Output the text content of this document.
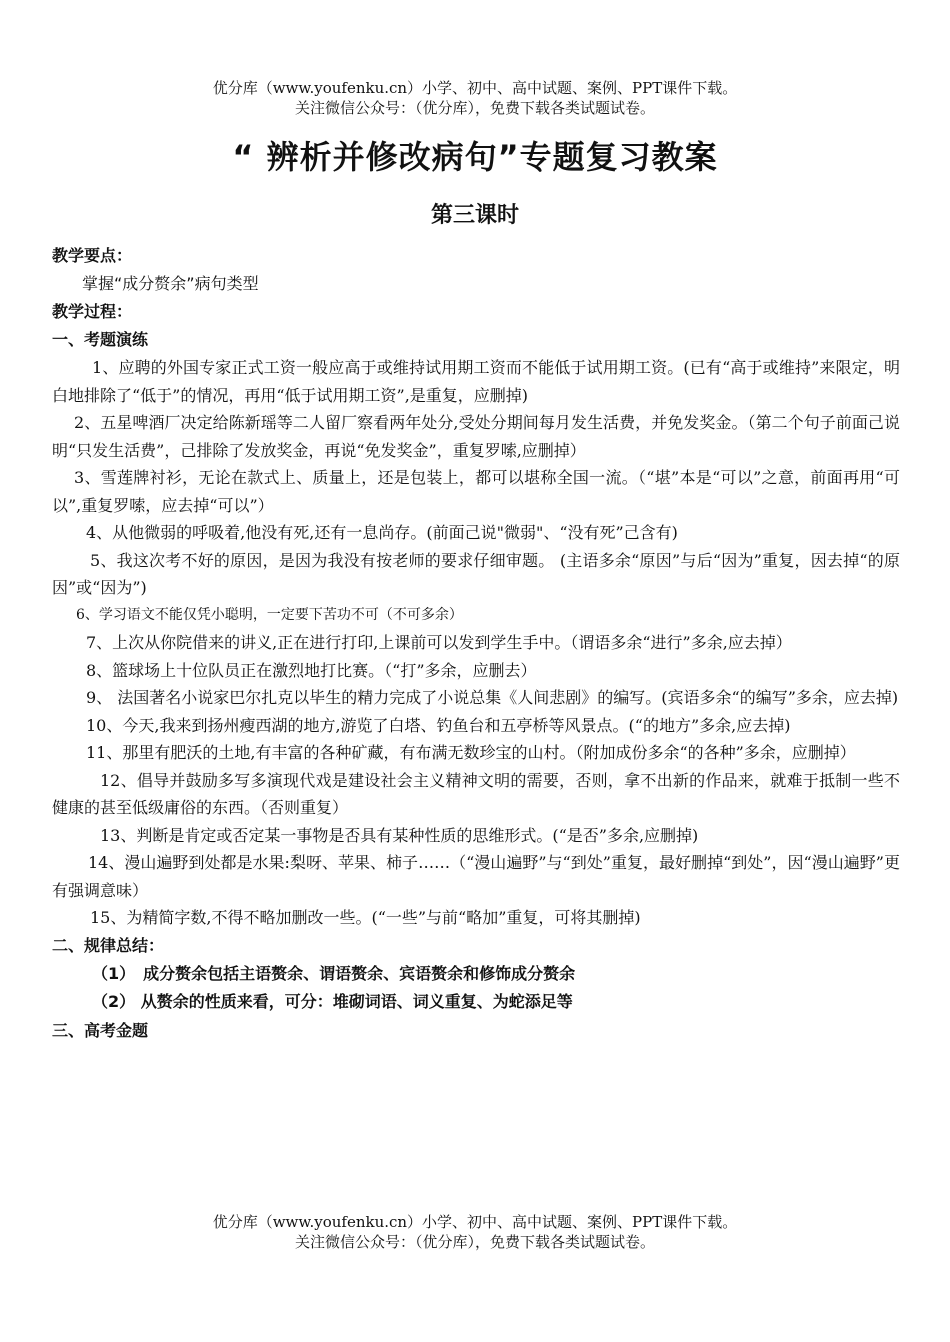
优分库（www.youfenku.cn）小学、初中、高中试题、案例、PPT课件下载。
关注微信公众号：（优分库），免费下载各类试题试卷。
“ 辨析并修改病句”专题复习教案
第三课时

教学要点：

掌握“成分赘余”病句类型

教学过程：

一、考题演练

1、应聘的外国专家正式工资一般应高于或维持试用期工资而不能低于试用期工资。(已有“高于或维持”来限定，明白地排除了“低于”的情况，再用“低于试用期工资”,是重复，应删掉)

2、五星啤酒厂决定给陈新瑶等二人留厂察看两年处分,受处分期间每月发生活费，并免发奖金。（第二个句子前面己说明“只发生活费”，己排除了发放奖金，再说“免发奖金”，重复罗嗦,应删掉）

3、雪莲牌衬衫，无论在款式上、质量上，还是包装上，都可以堪称全国一流。（“堪”本是“可以”之意，前面再用“可以”,重复罗嗦，应去掉“可以”）

4、从他微弱的呼吸着,他没有死,还有一息尚存。(前面己说"微弱"、“没有死”己含有)

5、我这次考不好的原因，是因为我没有按老师的要求仔细审题。 (主语多余“原因”与后“因为”重复，因去掉“的原因”或“因为”)

6、学习语文不能仅凭小聪明，一定要下苦功不可（不可多余）

7、上次从你院借来的讲义,正在进行打印,上课前可以发到学生手中。（谓语多余“进行”多余,应去掉）

8、篮球场上十位队员正在激烈地打比赛。（“打”多余，应删去）

9、 法国著名小说家巴尔扎克以毕生的精力完成了小说总集《人间悲剧》的编写。(宾语多余“的编写”多余，应去掉)

10、今天,我来到扬州瘦西湖的地方,游览了白塔、钓鱼台和五亭桥等风景点。(“的地方”多余,应去掉)

11、那里有肥沃的土地,有丰富的各种矿藏，有布满无数珍宝的山村。（附加成份多余“的各种”多余，应删掉）

12、倡导并鼓励多写多演现代戏是建设社会主义精神文明的需要，否则，拿不出新的作品来，就难于抵制一些不健康的甚至低级庸俗的东西。（否则重复）

13、判断是肯定或否定某一事物是否具有某种性质的思维形式。(“是否”多余,应删掉)

14、漫山遍野到处都是水果:梨呀、苹果、柿子……（“漫山遍野”与“到处”重复，最好删掉“到处”，因“漫山遍野”更有强调意味）

15、为精简字数,不得不略加删改一些。(“一些”与前“略加”重复，可将其删掉)

二、规律总结：

（1）　成分赘余包括主语赘余、谓语赘余、宾语赘余和修饰成分赘余

（2） 从赘余的性质来看，可分：堆砌词语、词义重复、为蛇添足等

三、高考金题

优分库（www.youfenku.cn）小学、初中、高中试题、案例、PPT课件下载。
关注微信公众号：（优分库），免费下载各类试题试卷。
